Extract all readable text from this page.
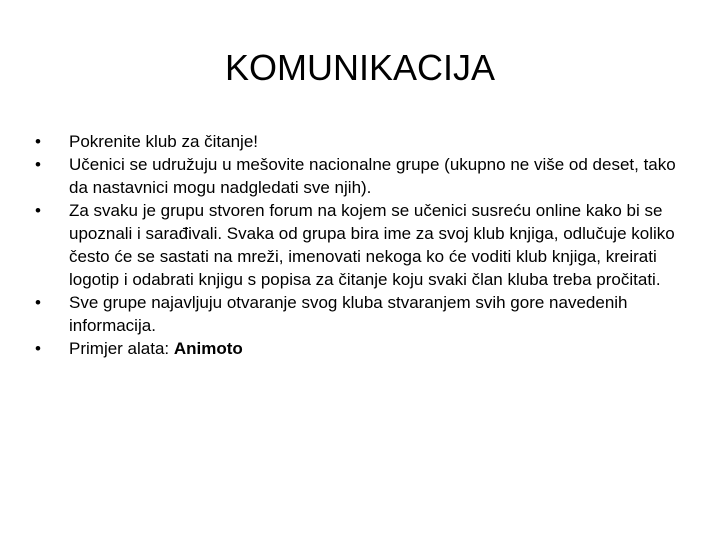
KOMUNIKACIJA
•	Pokrenite klub za čitanje!
•	Učenici se udružuju u mešovite nacionalne grupe (ukupno ne više od deset, tako da nastavnici mogu nadgledati sve njih).
•	Za svaku je grupu stvoren forum na kojem se učenici susreću online kako bi se upoznali i sarađivali. Svaka od grupa bira ime za svoj klub knjiga, odlučuje koliko često će se sastati na mreži, imenovati nekoga ko će voditi klub knjiga, kreirati logotip i odabrati knjigu s popisa za čitanje koju svaki član kluba treba pročitati.
•	Sve grupe najavljuju otvaranje svog kluba stvaranjem svih gore navedenih informacija.
•	Primjer alata: Animoto
